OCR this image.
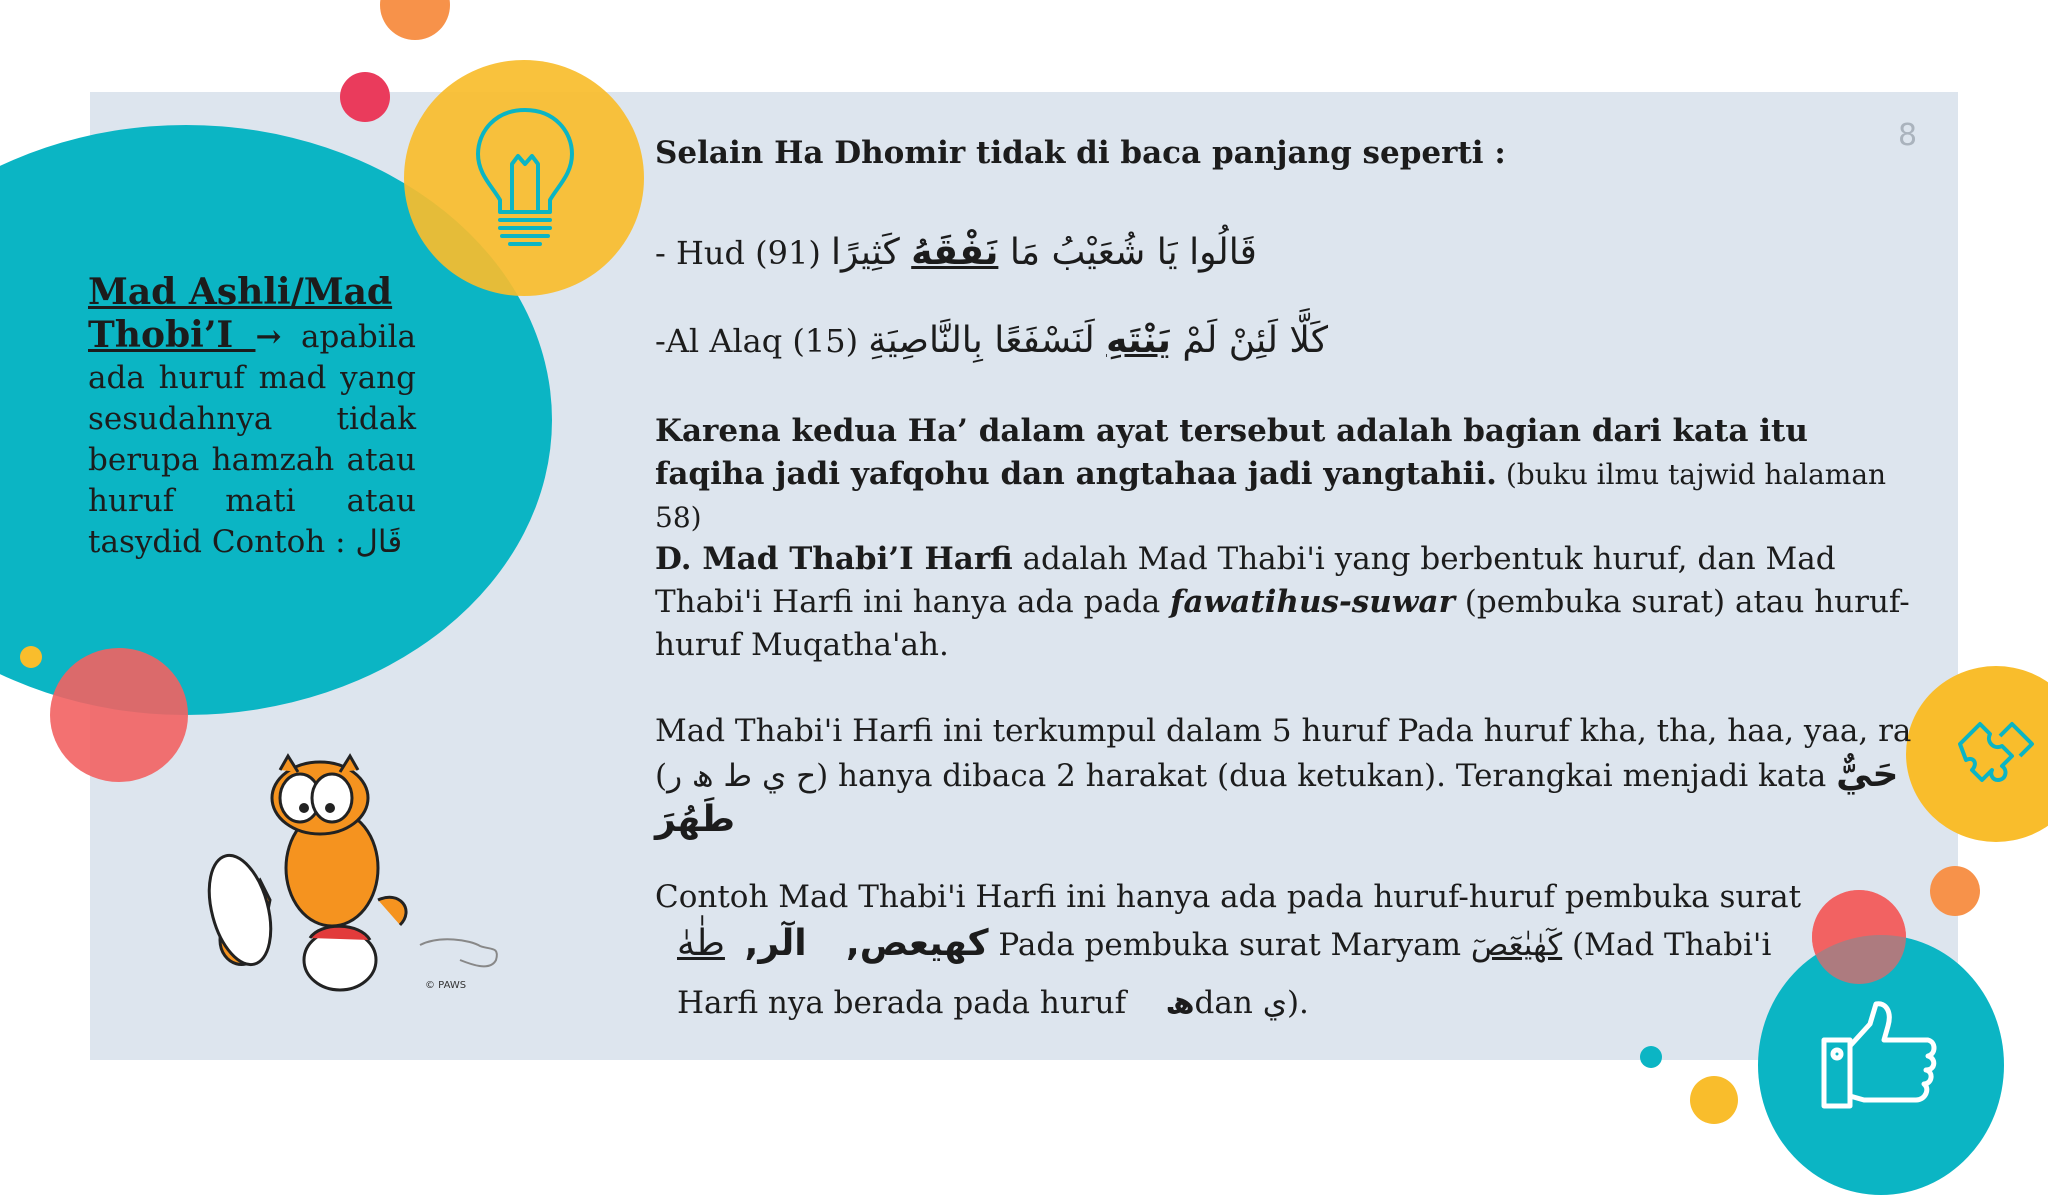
© PAWS
8
Mad Ashli/Mad
Thobi’I → apabila ada huruf mad yang sesudahnya tidak berupa hamzah atau huruf mati atau tasydid Contoh : قَال

Selain Ha Dhomir tidak di baca panjang seperti :

- Hud (91)	قَالُوا يَا شُعَيْبُ مَا نَفْقَهُ كَثِيرًا

-Al Alaq (15)	كَلَّا لَئِنْ لَمْ يَنْتَهِ لَنَسْفَعًا بِالنَّاصِيَةِ

Karena kedua Ha’ dalam ayat tersebut adalah bagian dari kata itu faqiha jadi yafqohu dan angtahaa jadi yangtahii. (buku ilmu tajwid halaman 58)

D. Mad Thabi’I Harfi adalah Mad Thabi'i yang berbentuk huruf, dan Mad Thabi'i Harfi ini hanya ada pada fawatihus-suwar (pembuka surat) atau huruf-huruf Muqatha'ah.

Mad Thabi'i Harfi ini terkumpul dalam 5 huruf Pada huruf kha, tha, haa, yaa, ra (ح ي ط ھ ر) hanya dibaca 2 harakat (dua ketukan). Terangkai menjadi kata حَيٌّ طَهُرَ

Contoh Mad Thabi'i Harfi ini hanya ada pada huruf-huruf pembuka surat

كهيعص,    الٓر,  طٰهٰ	Pada pembuka surat Maryam كٓهٰيٰعٓصٓ (Mad Thabi'i

Harfi nya berada pada huruf    ھdan ي).
